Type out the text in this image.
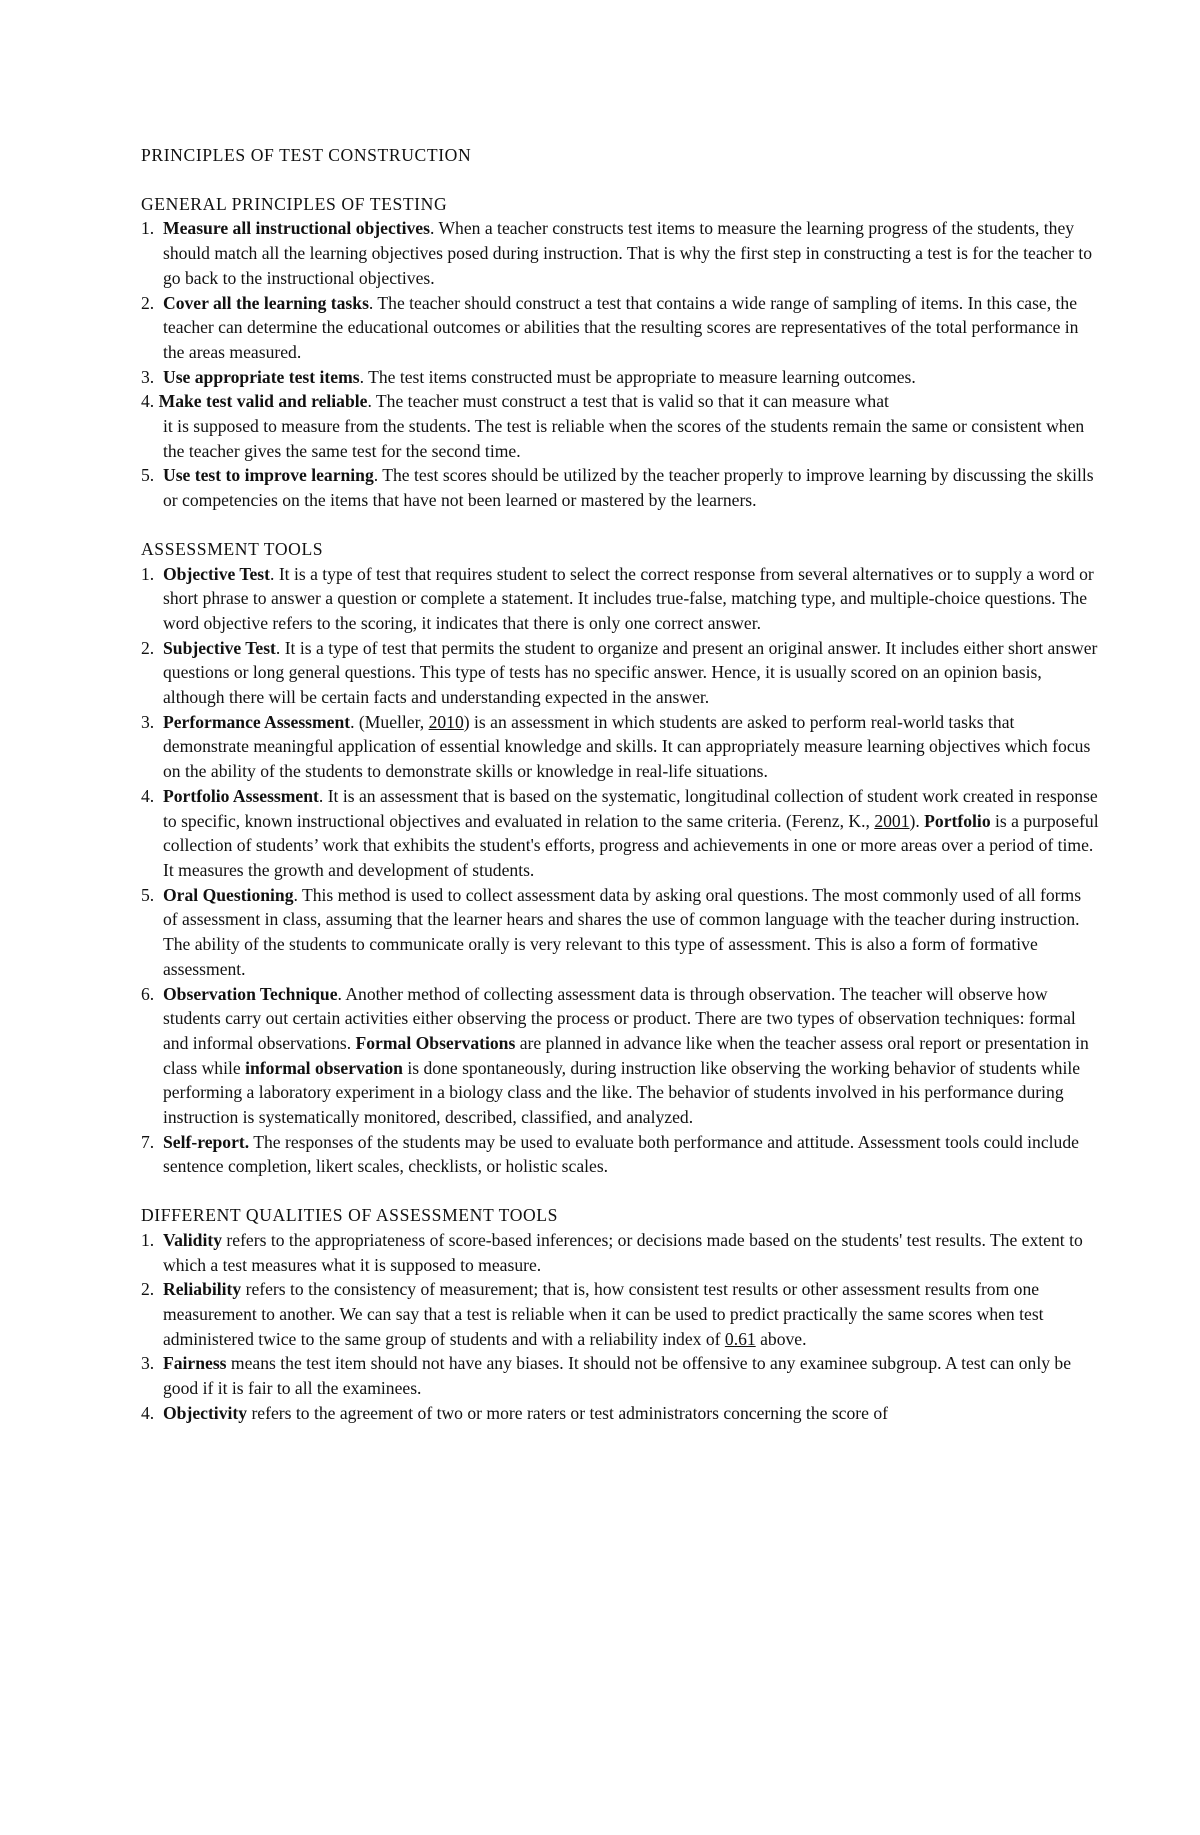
PRINCIPLES OF TEST CONSTRUCTION
GENERAL PRINCIPLES OF TESTING
1. Measure all instructional objectives. When a teacher constructs test items to measure the learning progress of the students, they should match all the learning objectives posed during instruction. That is why the first step in constructing a test is for the teacher to go back to the instructional objectives.
2. Cover all the learning tasks. The teacher should construct a test that contains a wide range of sampling of items. In this case, the teacher can determine the educational outcomes or abilities that the resulting scores are representatives of the total performance in the areas measured.
3. Use appropriate test items. The test items constructed must be appropriate to measure learning outcomes.
4. Make test valid and reliable. The teacher must construct a test that is valid so that it can measure what
it is supposed to measure from the students. The test is reliable when the scores of the students remain the same or consistent when the teacher gives the same test for the second time.
5. Use test to improve learning. The test scores should be utilized by the teacher properly to improve learning by discussing the skills or competencies on the items that have not been learned or mastered by the learners.
ASSESSMENT TOOLS
1. Objective Test. It is a type of test that requires student to select the correct response from several alternatives or to supply a word or short phrase to answer a question or complete a statement. It includes true-false, matching type, and multiple-choice questions. The word objective refers to the scoring, it indicates that there is only one correct answer.
2. Subjective Test. It is a type of test that permits the student to organize and present an original answer. It includes either short answer questions or long general questions. This type of tests has no specific answer. Hence, it is usually scored on an opinion basis, although there will be certain facts and understanding expected in the answer.
3. Performance Assessment. (Mueller, 2010) is an assessment in which students are asked to perform real-world tasks that demonstrate meaningful application of essential knowledge and skills. It can appropriately measure learning objectives which focus on the ability of the students to demonstrate skills or knowledge in real-life situations.
4. Portfolio Assessment. It is an assessment that is based on the systematic, longitudinal collection of student work created in response to specific, known instructional objectives and evaluated in relation to the same criteria. (Ferenz, K., 2001). Portfolio is a purposeful collection of students’ work that exhibits the student's efforts, progress and achievements in one or more areas over a period of time. It measures the growth and development of students.
5. Oral Questioning. This method is used to collect assessment data by asking oral questions. The most commonly used of all forms of assessment in class, assuming that the learner hears and shares the use of common language with the teacher during instruction. The ability of the students to communicate orally is very relevant to this type of assessment. This is also a form of formative assessment.
6. Observation Technique. Another method of collecting assessment data is through observation. The teacher will observe how students carry out certain activities either observing the process or product. There are two types of observation techniques: formal and informal observations. Formal Observations are planned in advance like when the teacher assess oral report or presentation in class while informal observation is done spontaneously, during instruction like observing the working behavior of students while performing a laboratory experiment in a biology class and the like. The behavior of students involved in his performance during instruction is systematically monitored, described, classified, and analyzed.
7. Self-report. The responses of the students may be used to evaluate both performance and attitude. Assessment tools could include sentence completion, likert scales, checklists, or holistic scales.
DIFFERENT QUALITIES OF ASSESSMENT TOOLS
1. Validity refers to the appropriateness of score-based inferences; or decisions made based on the students' test results. The extent to which a test measures what it is supposed to measure.
2. Reliability refers to the consistency of measurement; that is, how consistent test results or other assessment results from one measurement to another. We can say that a test is reliable when it can be used to predict practically the same scores when test administered twice to the same group of students and with a reliability index of 0.61 above.
3. Fairness means the test item should not have any biases. It should not be offensive to any examinee subgroup. A test can only be good if it is fair to all the examinees.
4. Objectivity refers to the agreement of two or more raters or test administrators concerning the score of
